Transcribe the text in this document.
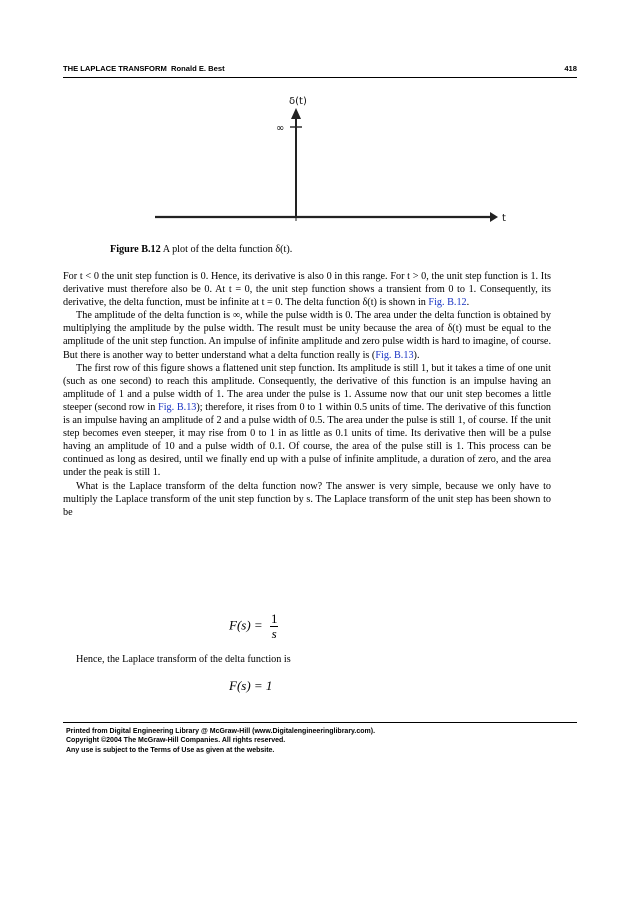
THE LAPLACE TRANSFORM Ronald E. Best	418
δ(t)
∞
t
Figure B.12 A plot of the delta function δ(t).

For t < 0 the unit step function is 0. Hence, its derivative is also 0 in this range. For t > 0, the unit step function is 1. Its derivative must therefore also be 0. At t = 0, the unit step function shows a transient from 0 to 1. Consequently, its derivative, the delta function, must be infinite at t = 0. The delta function δ(t) is shown in Fig. B.12.

The amplitude of the delta function is ∞, while the pulse width is 0. The area under the delta function is obtained by multiplying the amplitude by the pulse width. The result must be unity because the area of δ(t) must be equal to the amplitude of the unit step function. An impulse of infinite amplitude and zero pulse width is hard to imagine, of course. But there is another way to better understand what a delta function really is (Fig. B.13).

The first row of this figure shows a flattened unit step function. Its amplitude is still 1, but it takes a time of one unit (such as one second) to reach this amplitude. Consequently, the derivative of this function is an impulse having an amplitude of 1 and a pulse width of 1. The area under the pulse is 1. Assume now that our unit step becomes a little steeper (second row in Fig. B.13); therefore, it rises from 0 to 1 within 0.5 units of time. The derivative of this function is an impulse having an amplitude of 2 and a pulse width of 0.5. The area under the pulse is still 1, of course. If the unit step becomes even steeper, it may rise from 0 to 1 in as little as 0.1 units of time. Its derivative then will be a pulse having an amplitude of 10 and a pulse width of 0.1. Of course, the area of the pulse still is 1. This process can be continued as long as desired, until we finally end up with a pulse of infinite amplitude, a duration of zero, and the area under the peak is still 1.

What is the Laplace transform of the delta function now? The answer is very simple, because we only have to multiply the Laplace transform of the unit step function by s. The Laplace transform of the unit step has been shown to be

$F(s) = \frac{1}{s}$
Hence, the Laplace transform of the delta function is
F(s) = 1
Printed from Digital Engineering Library @ McGraw-Hill (www.Digitalengineeringlibrary.com).
Copyright ©2004 The McGraw-Hill Companies. All rights reserved.
Any use is subject to the Terms of Use as given at the website.
